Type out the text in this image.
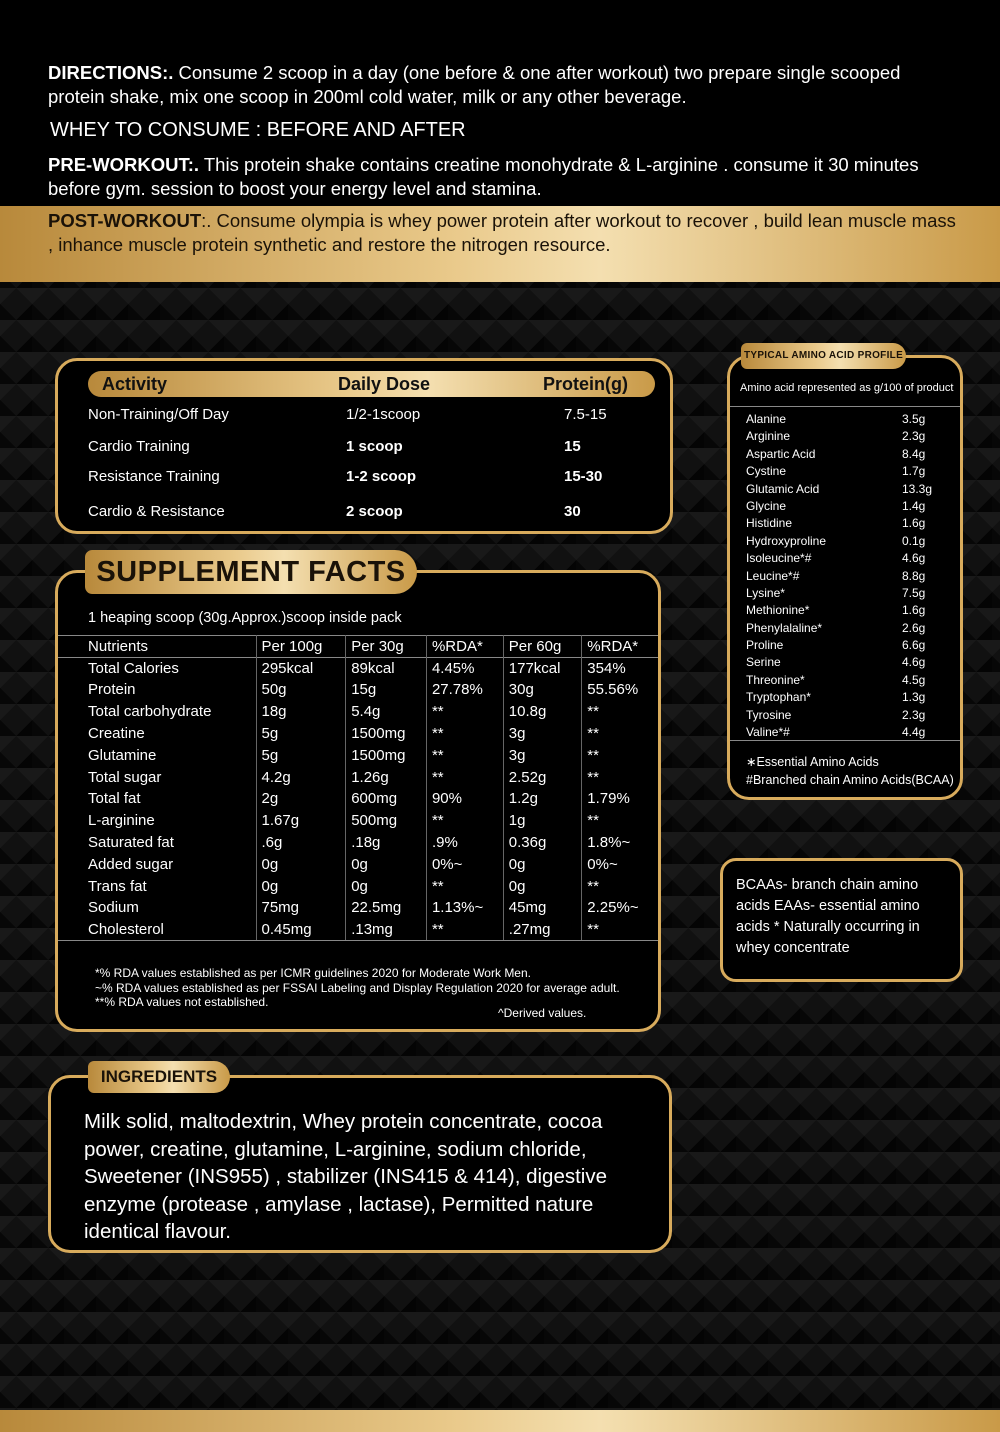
DIRECTIONS:. Consume 2 scoop in a day (one before & one after workout) two prepare single scooped protein shake, mix one scoop in 200ml cold water, milk or any other beverage.

WHEY TO CONSUME : BEFORE AND AFTER

PRE-WORKOUT:. This protein shake contains creatine monohydrate & L-arginine . consume it 30 minutes before gym. session to boost your energy level and stamina.

POST-WORKOUT:. Consume olympia is whey power protein after workout to recover , build lean muscle mass , inhance muscle protein synthetic and restore the nitrogen resource.

Activity	Daily Dose	Protein(g)
Non-Training/Off Day	1/2-1scoop	7.5-15
Cardio Training	1 scoop	15
Resistance Training	1-2 scoop	15-30
Cardio & Resistance	2 scoop	30
1 heaping scoop (30g.Approx.)scoop inside pack
Nutrients	Per 100g	Per 30g	%RDA*	Per 60g	%RDA*
Total Calories	295kcal	89kcal	4.45%	177kcal	354%
Protein	50g	15g	27.78%	30g	55.56%
Total carbohydrate	18g	5.4g	**	10.8g	**
Creatine	5g	1500mg	**	3g	**
Glutamine	5g	1500mg	**	3g	**
Total sugar	4.2g	1.26g	**	2.52g	**
Total fat	2g	600mg	90%	1.2g	1.79%
L-arginine	1.67g	500mg	**	1g	**
Saturated fat	.6g	.18g	.9%	0.36g	1.8%~
Added sugar	0g	0g	0%~	0g	0%~
Trans fat	0g	0g	**	0g	**
Sodium	75mg	22.5mg	1.13%~	45mg	2.25%~
Cholesterol	0.45mg	.13mg	**	.27mg	**
*% RDA values established as per ICMR guidelines 2020 for Moderate Work Men.
~% RDA values established as per FSSAI Labeling and Display Regulation 2020 for average adult.
**% RDA values not established.
^Derived values.
SUPPLEMENT FACTS

Milk solid, maltodextrin, Whey protein concentrate, cocoa power, creatine, glutamine, L-arginine, sodium chloride, Sweetener (INS955) , stabilizer (INS415 & 414), digestive enzyme (protease , amylase , lactase), Permitted nature identical flavour.

INGREDIENTS
Amino acid represented as g/100 of product
Alanine	3.5g
Arginine	2.3g
Aspartic Acid	8.4g
Cystine	1.7g
Glutamic Acid	13.3g
Glycine	1.4g
Histidine	1.6g
Hydroxyproline	0.1g
Isoleucine*#	4.6g
Leucine*#	8.8g
Lysine*	7.5g
Methionine*	1.6g
Phenylalaline*	2.6g
Proline	6.6g
Serine	4.6g
Threonine*	4.5g
Tryptophan*	1.3g
Tyrosine	2.3g
Valine*#	4.4g
∗Essential Amino Acids
#Branched chain Amino Acids(BCAA)
TYPICAL AMINO ACID PROFILE

BCAAs- branch chain amino acids EAAs- essential amino acids * Naturally occurring in whey concentrate
